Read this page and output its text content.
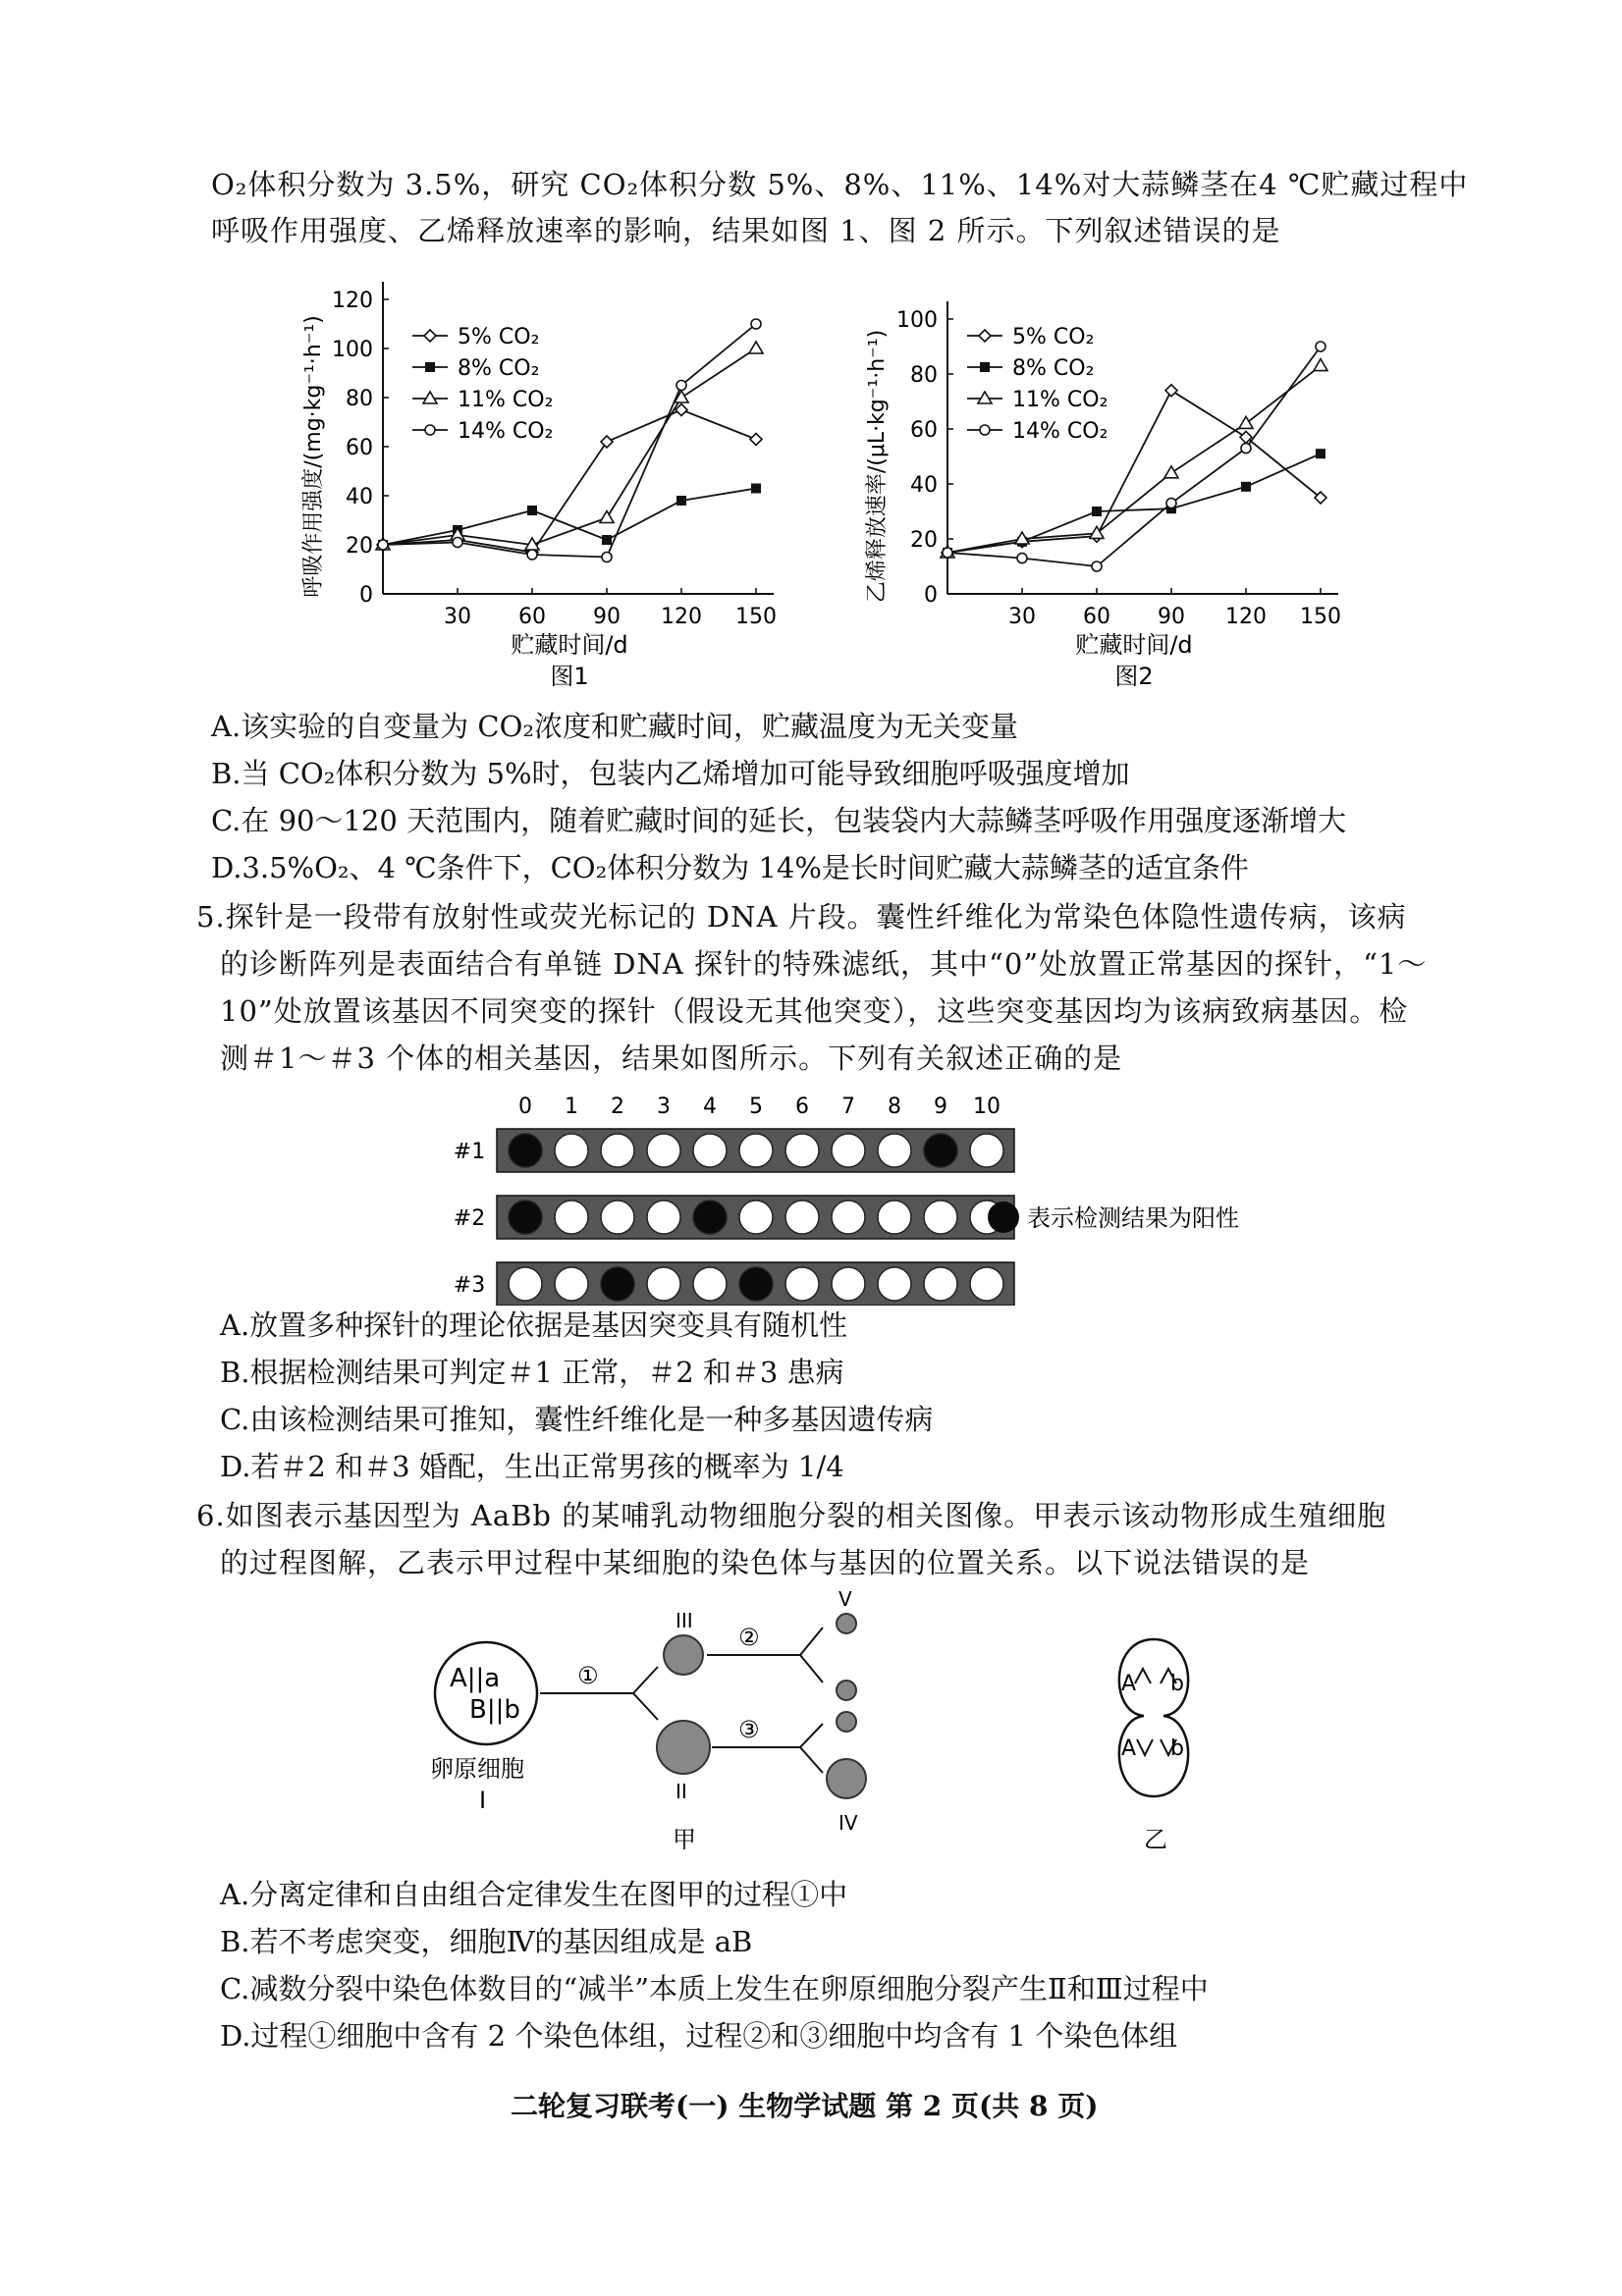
O₂体积分数为 3.5%，研究 CO₂体积分数 5%、8%、11%、14%对大蒜鳞茎在4 ℃贮藏过程中
呼吸作用强度、乙烯释放速率的影响，结果如图 1、图 2 所示。下列叙述错误的是
0
20
40
60
80
100
120
30 60 90 120 150
贮藏时间/d
图1
呼吸作用强度/(mg·kg⁻¹·h⁻¹)	5% CO₂
8% CO₂
11% CO₂
14% CO₂
0
20
40
60
80
100
30 60 90 120 150
贮藏时间/d
图2
乙烯释放速率/(μL·kg⁻¹·h⁻¹)	5% CO₂
8% CO₂
11% CO₂
14% CO₂
A.该实验的自变量为 CO₂浓度和贮藏时间，贮藏温度为无关变量
B.当 CO₂体积分数为 5%时，包装内乙烯增加可能导致细胞呼吸强度增加
C.在 90～120 天范围内，随着贮藏时间的延长，包装袋内大蒜鳞茎呼吸作用强度逐渐增大
D.3.5%O₂、4 ℃条件下，CO₂体积分数为 14%是长时间贮藏大蒜鳞茎的适宜条件
5.探针是一段带有放射性或荧光标记的 DNA 片段。囊性纤维化为常染色体隐性遗传病，该病
的诊断阵列是表面结合有单链 DNA 探针的特殊滤纸，其中“0”处放置正常基因的探针，“1～
10”处放置该基因不同突变的探针（假设无其他突变），这些突变基因均为该病致病基因。检
测＃1～＃3 个体的相关基因，结果如图所示。下列有关叙述正确的是
0 1 2 3 4 5 6 7 8 9 10
#1
#2
#3
表示检测结果为阳性
A.放置多种探针的理论依据是基因突变具有随机性
B.根据检测结果可判定＃1 正常，＃2 和＃3 患病
C.由该检测结果可推知，囊性纤维化是一种多基因遗传病
D.若＃2 和＃3 婚配，生出正常男孩的概率为 1/4
6.如图表示基因型为 AaBb 的某哺乳动物细胞分裂的相关图像。甲表示该动物形成生殖细胞
的过程图解，乙表示甲过程中某细胞的染色体与基因的位置关系。以下说法错误的是
A||a
B||b
卵原细胞
I
①
III
II
②
V
③
IV
甲
A b
A b
乙
A.分离定律和自由组合定律发生在图甲的过程①中
B.若不考虑突变，细胞Ⅳ的基因组成是 aB
C.减数分裂中染色体数目的“减半”本质上发生在卵原细胞分裂产生Ⅱ和Ⅲ过程中
D.过程①细胞中含有 2 个染色体组，过程②和③细胞中均含有 1 个染色体组
二轮复习联考(一) 生物学试题 第 2 页(共 8 页)
